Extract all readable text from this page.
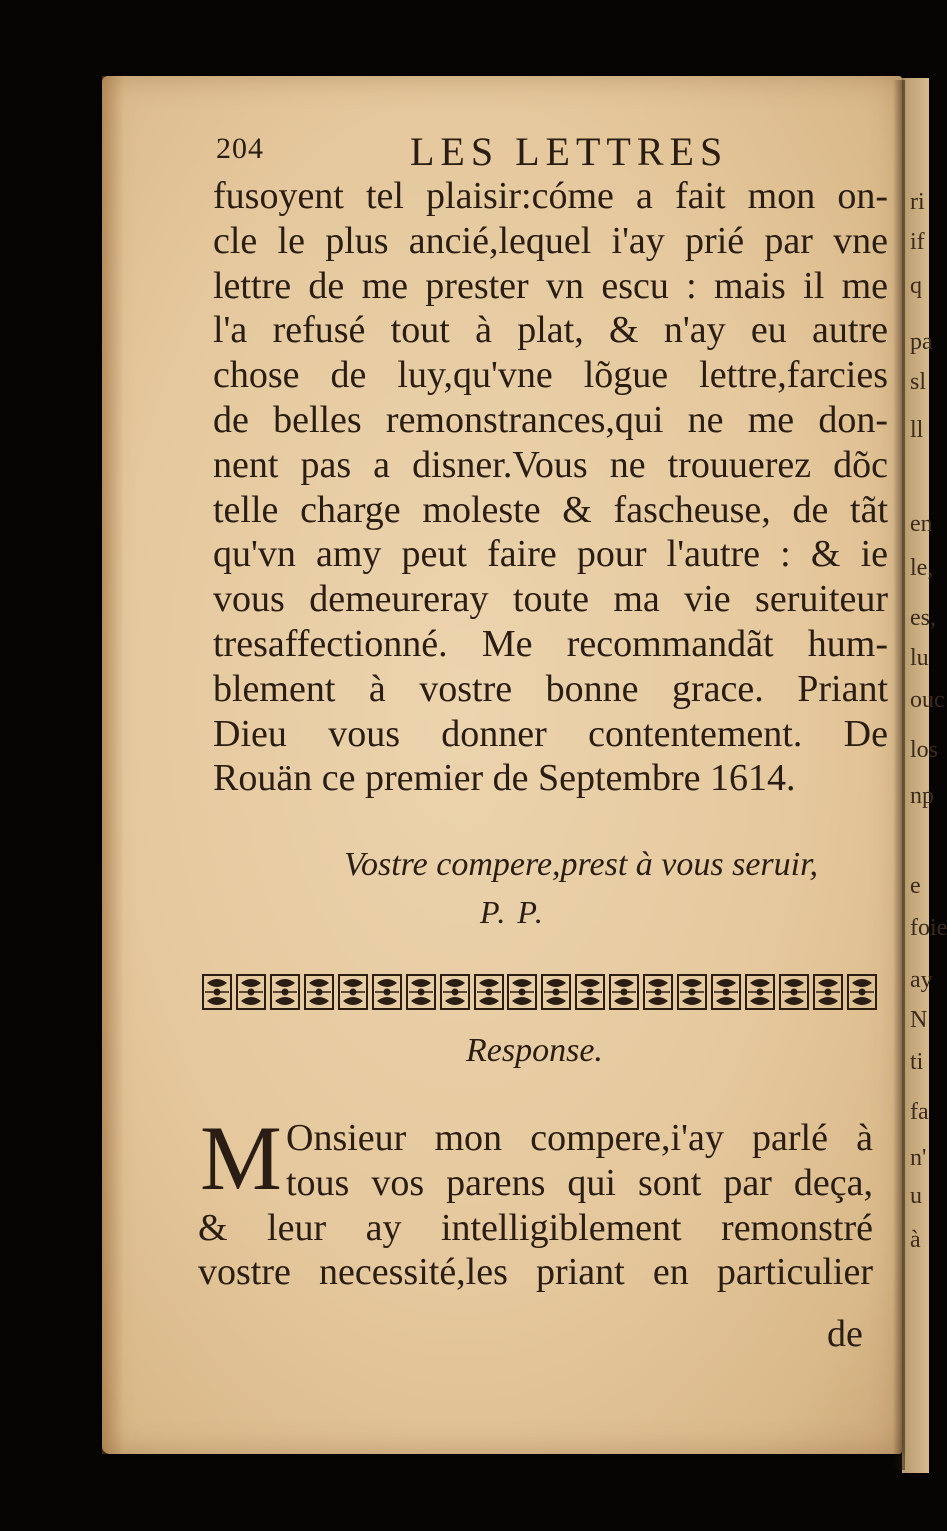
ri
if
q
pa
sl
ll
en
le,
es,
lu
ouc
los
np
e
foie
ay
N
ti
fa
n'
u
à
204	LES LETTRES
fusoyent tel plaisir:cóme a fait mon on-
cle le plus ancié,lequel i'ay prié par vne
lettre de me prester vn escu : mais il me
l'a refusé tout à plat, & n'ay eu autre
chose de luy,qu'vne lõgue lettre,farcies
de belles remonstrances,qui ne me don-
nent pas a disner.Vous ne trouuerez dõc
telle charge moleste & fascheuse, de tãt
qu'vn amy peut faire pour l'autre : & ie
vous demeureray toute ma vie seruiteur
tresaffectionné. Me recommandãt hum-
blement à vostre bonne grace. Priant
Dieu vous donner contentement. De
Rouän ce premier de Septembre 1614.
Vostre compere,prest à vous seruir,
P. P.
Response.
M Onsieur mon compere,i'ay parlé à
tous vos parens qui sont par deça,
& leur ay intelligiblement remonstré
vostre necessité,les priant en particulier
de
